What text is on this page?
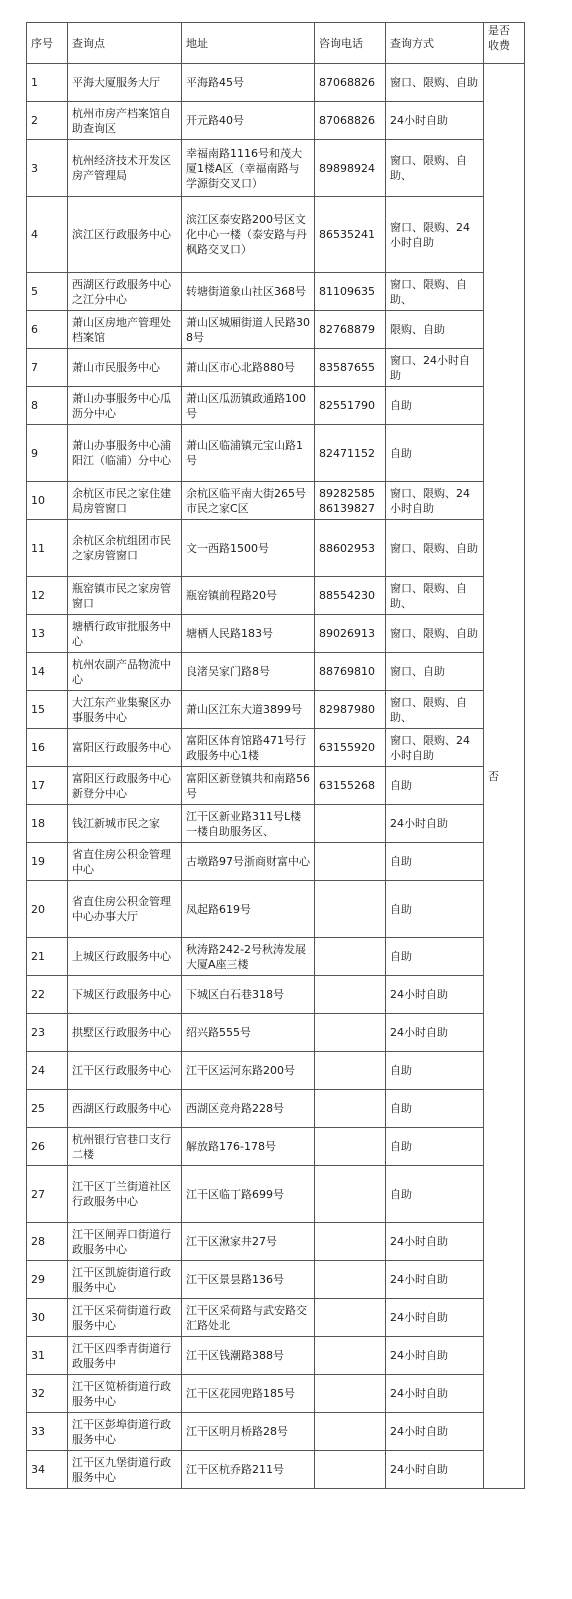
序号	查询点	地址	咨询电话	查询方式	是否收费
1	平海大厦服务大厅	平海路45号	87068826	窗口、限购、自助	否
2	杭州市房产档案馆自助查询区	开元路40号	87068826	24小时自助	
3	杭州经济技术开发区房产管理局	幸福南路1116号和茂大厦1楼A区（幸福南路与学源街交叉口）	89898924	窗口、限购、自助、	
4	滨江区行政服务中心	滨江区泰安路200号区文化中心一楼（泰安路与丹枫路交叉口）	86535241	窗口、限购、24小时自助	
5	西湖区行政服务中心之江分中心	转塘街道象山社区368号	81109635	窗口、限购、自助、	
6	萧山区房地产管理处档案馆	萧山区城厢街道人民路308号	82768879	限购、自助	
7	萧山市民服务中心	萧山区市心北路880号	83587655	窗口、24小时自助	
8	萧山办事服务中心瓜沥分中心	萧山区瓜沥镇政通路100号	82551790	自助	
9	萧山办事服务中心浦阳江（临浦）分中心	萧山区临浦镇元宝山路1号	82471152	自助	
10	余杭区市民之家住建局房管窗口	余杭区临平南大街265号市民之家C区	89282585 86139827	窗口、限购、24小时自助	
11	余杭区余杭组团市民之家房管窗口	文一西路1500号	88602953	窗口、限购、自助	
12	瓶窑镇市民之家房管窗口	瓶窑镇前程路20号	88554230	窗口、限购、自助、	
13	塘栖行政审批服务中心	塘栖人民路183号	89026913	窗口、限购、自助	
14	杭州农副产品物流中心	良渚吴家门路8号	88769810	窗口、自助	
15	大江东产业集聚区办事服务中心	萧山区江东大道3899号	82987980	窗口、限购、自助、	
16	富阳区行政服务中心	富阳区体育馆路471号行政服务中心1楼	63155920	窗口、限购、24小时自助	
17	富阳区行政服务中心新登分中心	富阳区新登镇共和南路56号	63155268	自助	
18	钱江新城市民之家	江干区新业路311号L楼一楼自助服务区、		24小时自助	
19	省直住房公积金管理中心	古墩路97号浙商财富中心		自助	
20	省直住房公积金管理中心办事大厅	凤起路619号		自助	
21	上城区行政服务中心	秋涛路242-2号秋涛发展大厦A座三楼		自助	
22	下城区行政服务中心	下城区白石巷318号		24小时自助	
23	拱墅区行政服务中心	绍兴路555号		24小时自助	
24	江干区行政服务中心	江干区运河东路200号		自助	
25	西湖区行政服务中心	西湖区竞舟路228号		自助	
26	杭州银行官巷口支行二楼	解放路176-178号		自助	
27	江干区丁兰街道社区行政服务中心	江干区临丁路699号		自助	
28	江干区闸弄口街道行政服务中心	江干区湫家井27号		24小时自助	
29	江干区凯旋街道行政服务中心	江干区景昙路136号		24小时自助	
30	江干区采荷街道行政服务中心	江干区采荷路与武安路交汇路处北		24小时自助	
31	江干区四季青街道行政服务中	江干区钱潮路388号		24小时自助	
32	江干区笕桥街道行政服务中心	江干区花园兜路185号		24小时自助	
33	江干区彭埠街道行政服务中心	江干区明月桥路28号		24小时自助	
34	江干区九堡街道行政服务中心	江干区杭乔路211号		24小时自助	
